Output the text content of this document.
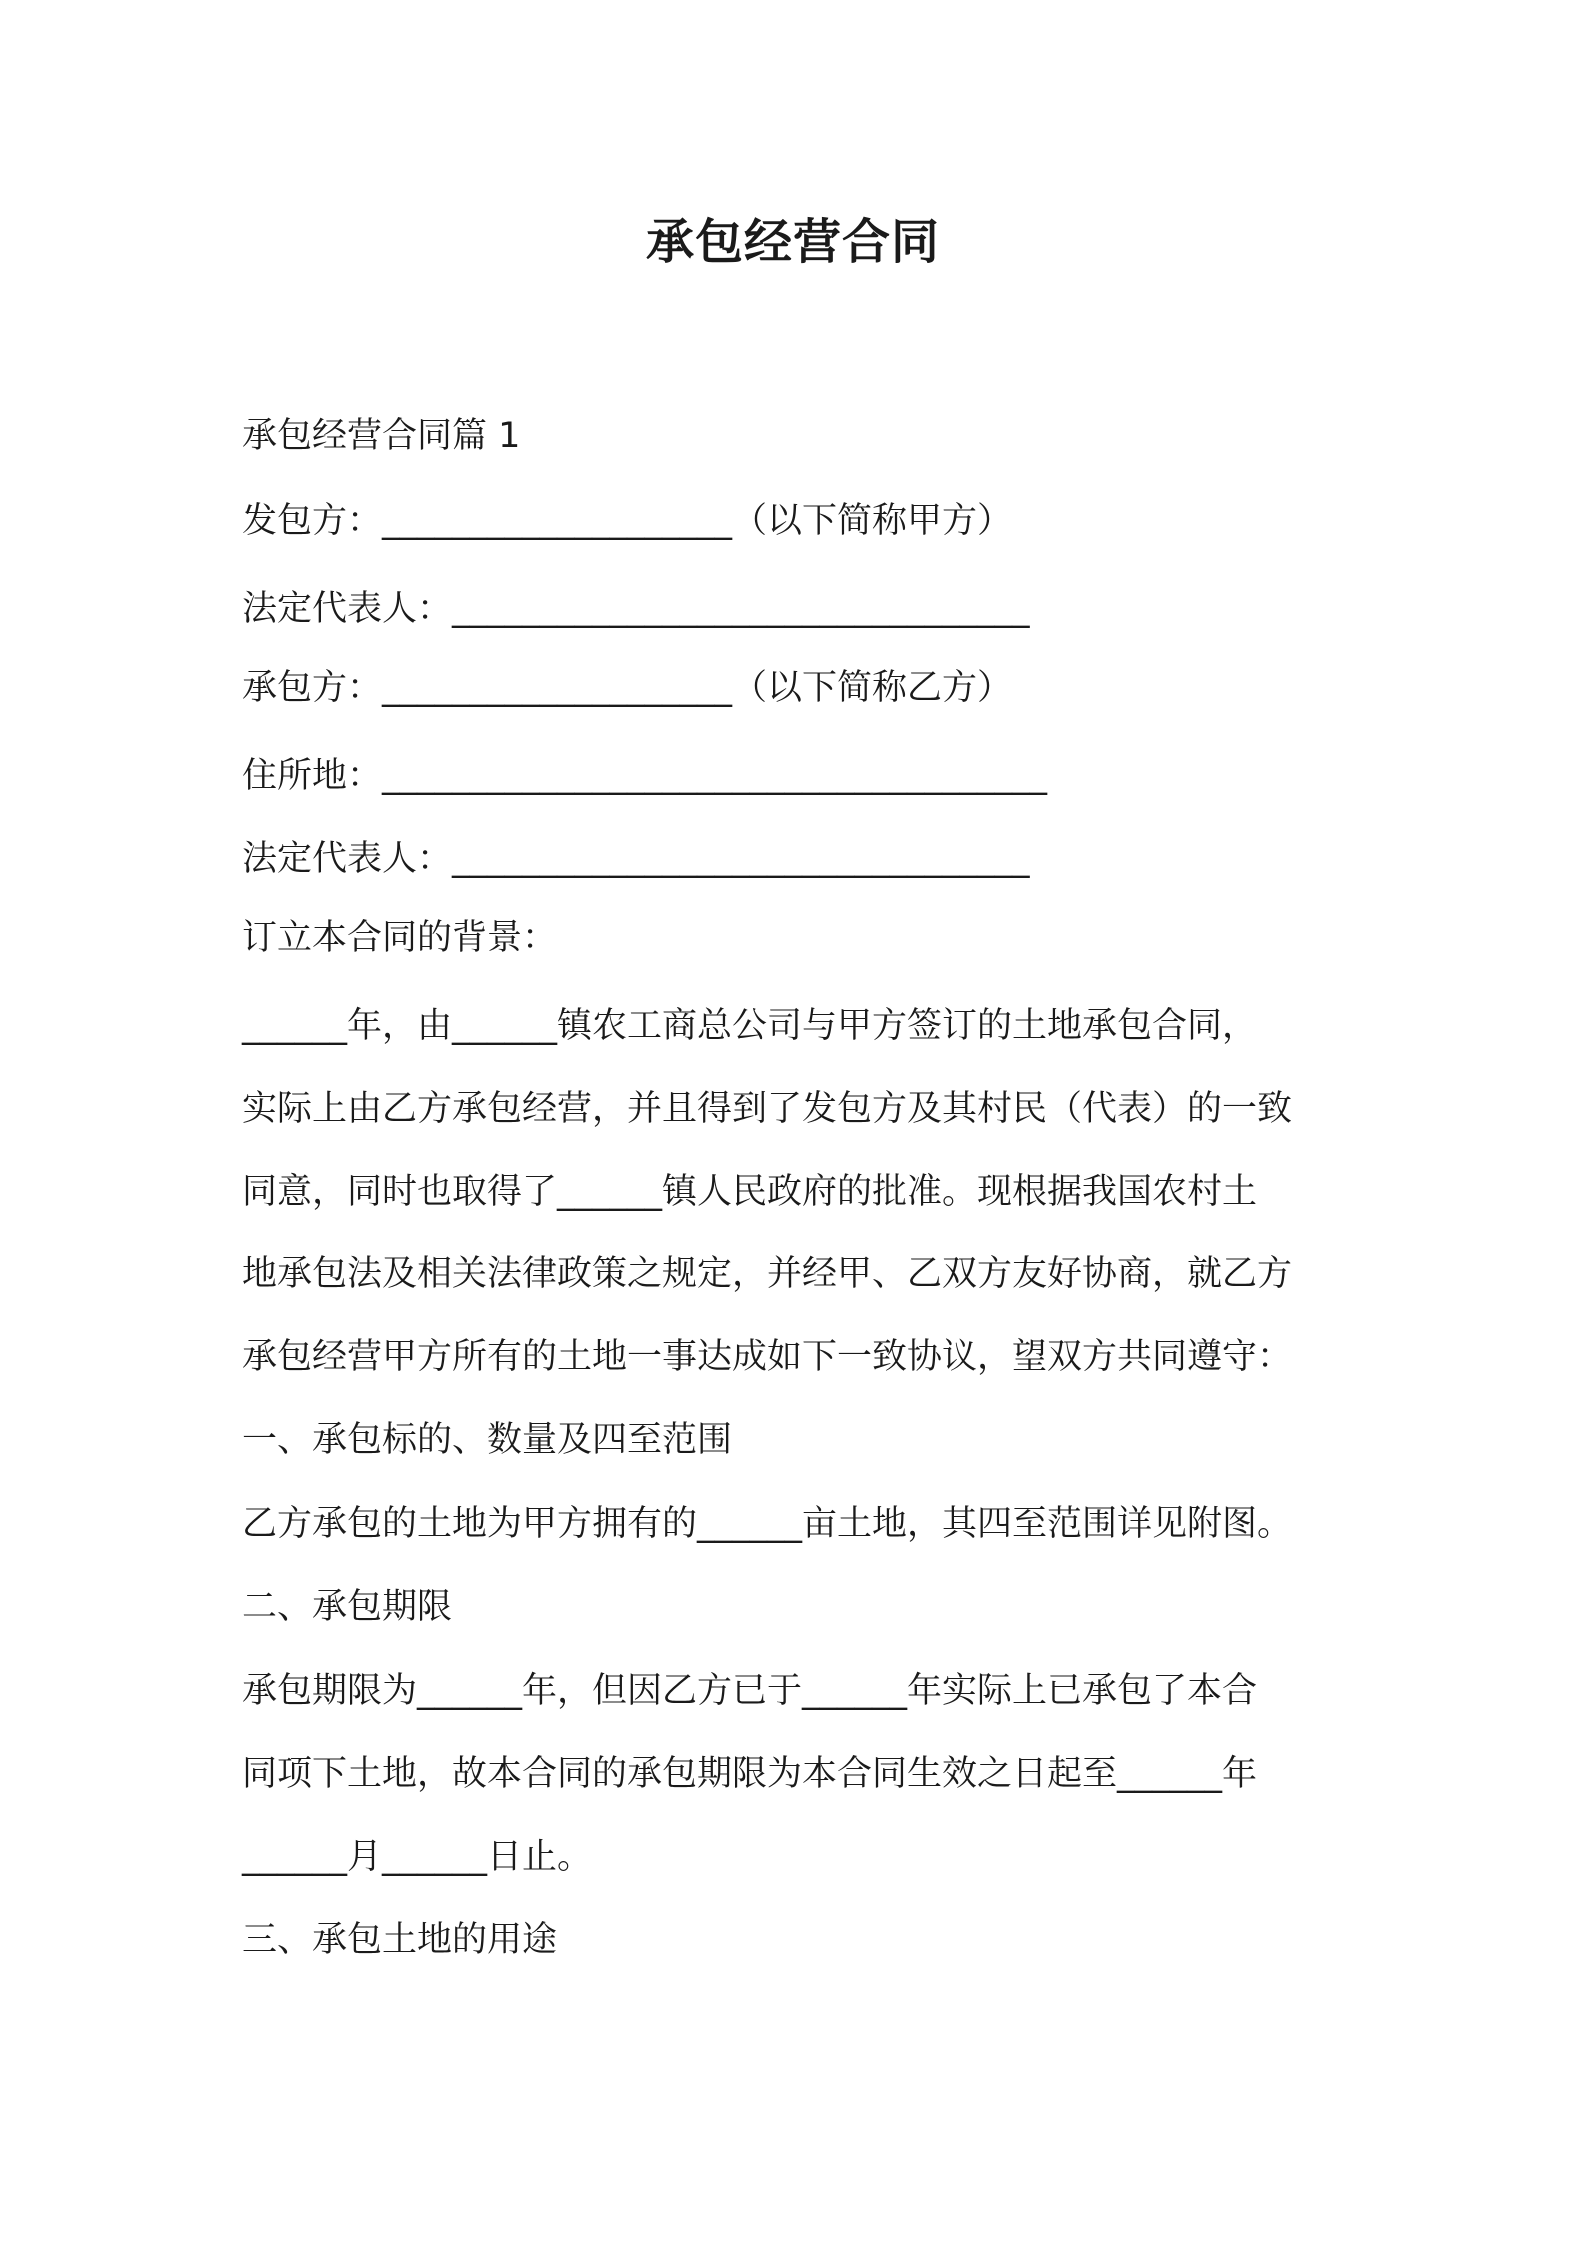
承包经营合同
承包经营合同篇 1
发包方：____________________（以下简称甲方）
法定代表人：_________________________________
承包方：____________________（以下简称乙方）
住所地：______________________________________
法定代表人：_________________________________
订立本合同的背景：
______年，由______镇农工商总公司与甲方签订的土地承包合同，
实际上由乙方承包经营，并且得到了发包方及其村民（代表）的一致
同意，同时也取得了______镇人民政府的批准。现根据我国农村土
地承包法及相关法律政策之规定，并经甲、乙双方友好协商，就乙方
承包经营甲方所有的土地一事达成如下一致协议，望双方共同遵守：
一、承包标的、数量及四至范围
乙方承包的土地为甲方拥有的______亩土地，其四至范围详见附图。
二、承包期限
承包期限为______年，但因乙方已于______年实际上已承包了本合
同项下土地，故本合同的承包期限为本合同生效之日起至______年
______月______日止。
三、承包土地的用途
